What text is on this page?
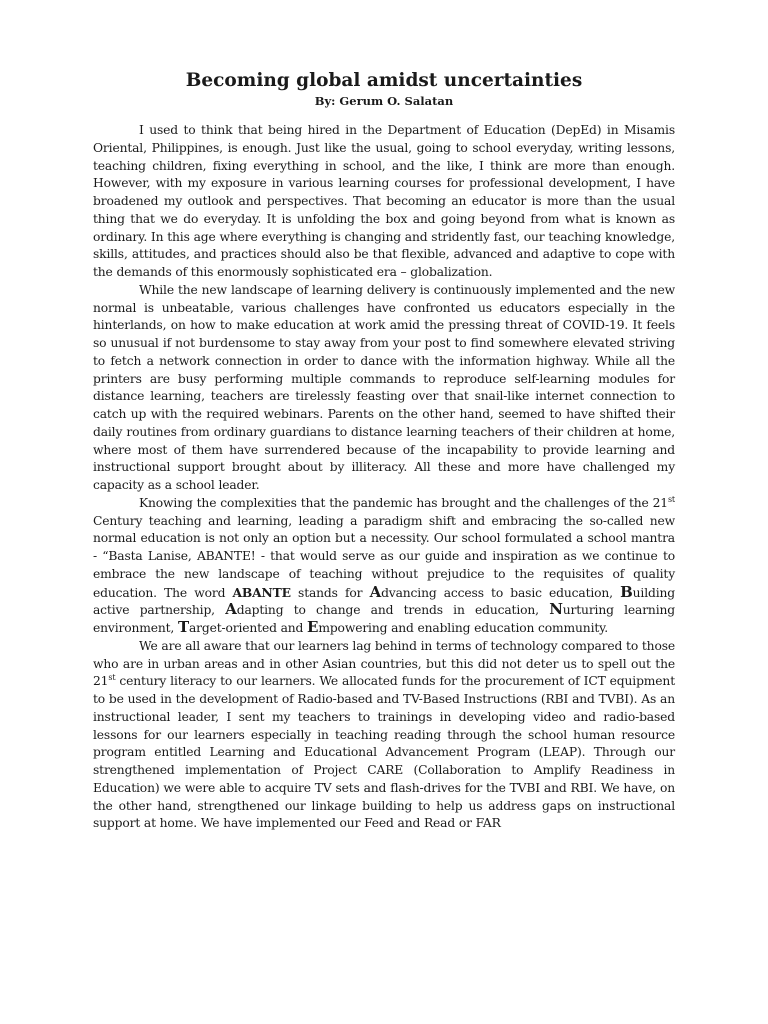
Becoming global amidst uncertainties

By: Gerum O. Salatan

I used to think that being hired in the Department of Education (DepEd) in Misamis Oriental, Philippines, is enough. Just like the usual, going to school everyday, writing lessons, teaching children, fixing everything in school, and the like, I think are more than enough. However, with my exposure in various learning courses for professional development, I have broadened my outlook and perspectives. That becoming an educator is more than the usual thing that we do everyday. It is unfolding the box and going beyond from what is known as ordinary. In this age where everything is changing and stridently fast, our teaching knowledge, skills, attitudes, and practices should also be that flexible, advanced and adaptive to cope with the demands of this enormously sophisticated era – globalization.

While the new landscape of learning delivery is continuously implemented and the new normal is unbeatable, various challenges have confronted us educators especially in the hinterlands, on how to make education at work amid the pressing threat of COVID-19. It feels so unusual if not burdensome to stay away from your post to find somewhere elevated striving to fetch a network connection in order to dance with the information highway. While all the printers are busy performing multiple commands to reproduce self-learning modules for distance learning, teachers are tirelessly feasting over that snail-like internet connection to catch up with the required webinars. Parents on the other hand, seemed to have shifted their daily routines from ordinary guardians to distance learning teachers of their children at home, where most of them have surrendered because of the incapability to provide learning and instructional support brought about by illiteracy. All these and more have challenged my capacity as a school leader.

Knowing the complexities that the pandemic has brought and the challenges of the 21st Century teaching and learning, leading a paradigm shift and embracing the so-called new normal education is not only an option but a necessity. Our school formulated a school mantra - “Basta Lanise, ABANTE! - that would serve as our guide and inspiration as we continue to embrace the new landscape of teaching without prejudice to the requisites of quality education. The word ABANTE stands for Advancing access to basic education, Building active partnership, Adapting to change and trends in education, Nurturing learning environment, Target-oriented and Empowering and enabling education community.

We are all aware that our learners lag behind in terms of technology compared to those who are in urban areas and in other Asian countries, but this did not deter us to spell out the 21st century literacy to our learners. We allocated funds for the procurement of ICT equipment to be used in the development of Radio-based and TV-Based Instructions (RBI and TVBI). As an instructional leader, I sent my teachers to trainings in developing video and radio-based lessons for our learners especially in teaching reading through the school human resource program entitled Learning and Educational Advancement Program (LEAP). Through our strengthened implementation of Project CARE (Collaboration to Amplify Readiness in Education) we were able to acquire TV sets and flash-drives for the TVBI and RBI. We have, on the other hand, strengthened our linkage building to help us address gaps on instructional support at home. We have implemented our Feed and Read or FAR
